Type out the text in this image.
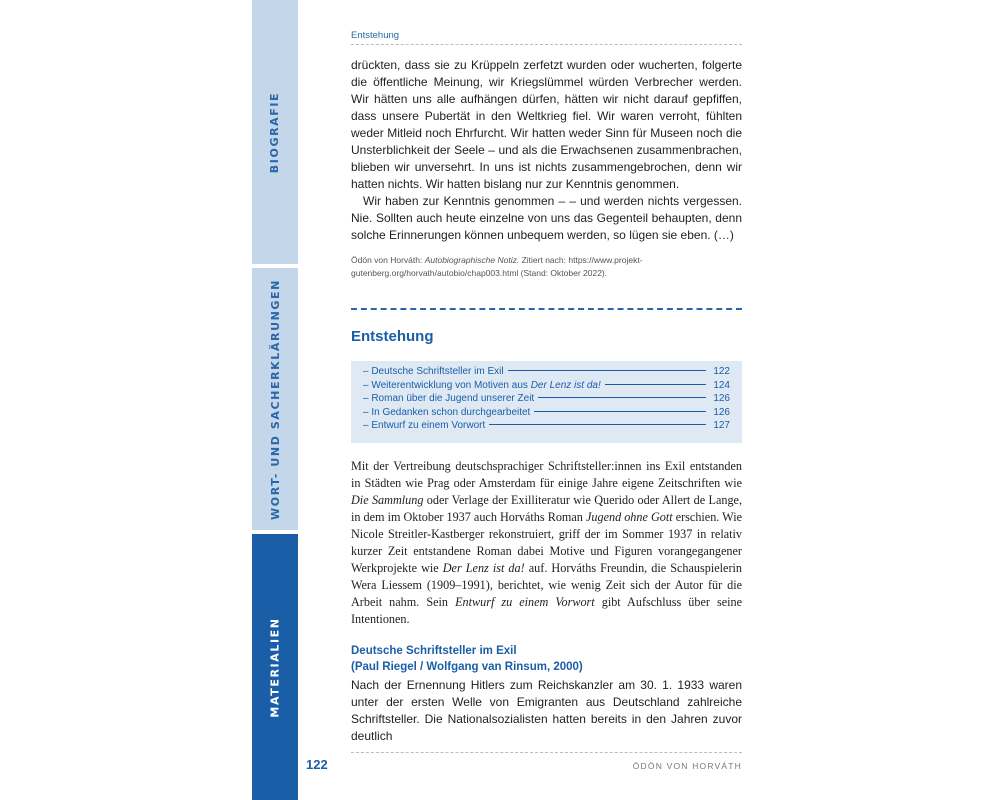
BIOGRAFIE
WORT- UND SACHERKLÄRUNGEN
MATERIALIEN
Entstehung

drückten, dass sie zu Krüppeln zerfetzt wurden oder wucherten, folgerte die öffentliche Meinung, wir Kriegslümmel würden Verbrecher werden. Wir hätten uns alle aufhängen dürfen, hätten wir nicht darauf gepfiffen, dass unsere Pubertät in den Weltkrieg fiel. Wir waren verroht, fühlten weder Mitleid noch Ehrfurcht. Wir hatten weder Sinn für Museen noch die Unsterblichkeit der Seele – und als die Erwachsenen zusammenbrachen, blieben wir unversehrt. In uns ist nichts zusammengebrochen, denn wir hatten nichts. Wir hatten bislang nur zur Kenntnis genommen.

Wir haben zur Kenntnis genommen – – und werden nichts vergessen. Nie. Sollten auch heute einzelne von uns das Gegenteil behaupten, denn solche Erinnerungen können unbequem werden, so lügen sie eben. (…)

Ödön von Horváth: Autobiographische Notiz. Zitiert nach: https://www.projekt-gutenberg.org/horvath/autobio/chap003.html (Stand: Oktober 2022).
Entstehung
– Deutsche Schriftsteller im Exil	122
– Weiterentwicklung von Motiven aus Der Lenz ist da!	124
– Roman über die Jugend unserer Zeit	126
– In Gedanken schon durchgearbeitet	126
– Entwurf zu einem Vorwort	127

Mit der Vertreibung deutschsprachiger Schriftsteller:innen ins Exil entstanden in Städten wie Prag oder Amsterdam für einige Jahre eigene Zeitschriften wie Die Sammlung oder Verlage der Exilliteratur wie Querido oder Allert de Lange, in dem im Oktober 1937 auch Horváths Roman Jugend ohne Gott erschien. Wie Nicole Streitler-Kastberger rekonstruiert, griff der im Sommer 1937 in relativ kurzer Zeit entstandene Roman dabei Motive und Figuren vorangegangener Werkprojekte wie Der Lenz ist da! auf. Horváths Freundin, die Schauspielerin Wera Liessem (1909–1991), berichtet, wie wenig Zeit sich der Autor für die Arbeit nahm. Sein Entwurf zu einem Vorwort gibt Aufschluss über seine Intentionen.

Deutsche Schriftsteller im Exil
(Paul Riegel / Wolfgang van Rinsum, 2000)

Nach der Ernennung Hitlers zum Reichskanzler am 30. 1. 1933 waren unter der ersten Welle von Emigranten aus Deutschland zahlreiche Schriftsteller. Die Nationalsozialisten hatten bereits in den Jahren zuvor deutlich

122	ÖDÖN VON HORVÁTH
